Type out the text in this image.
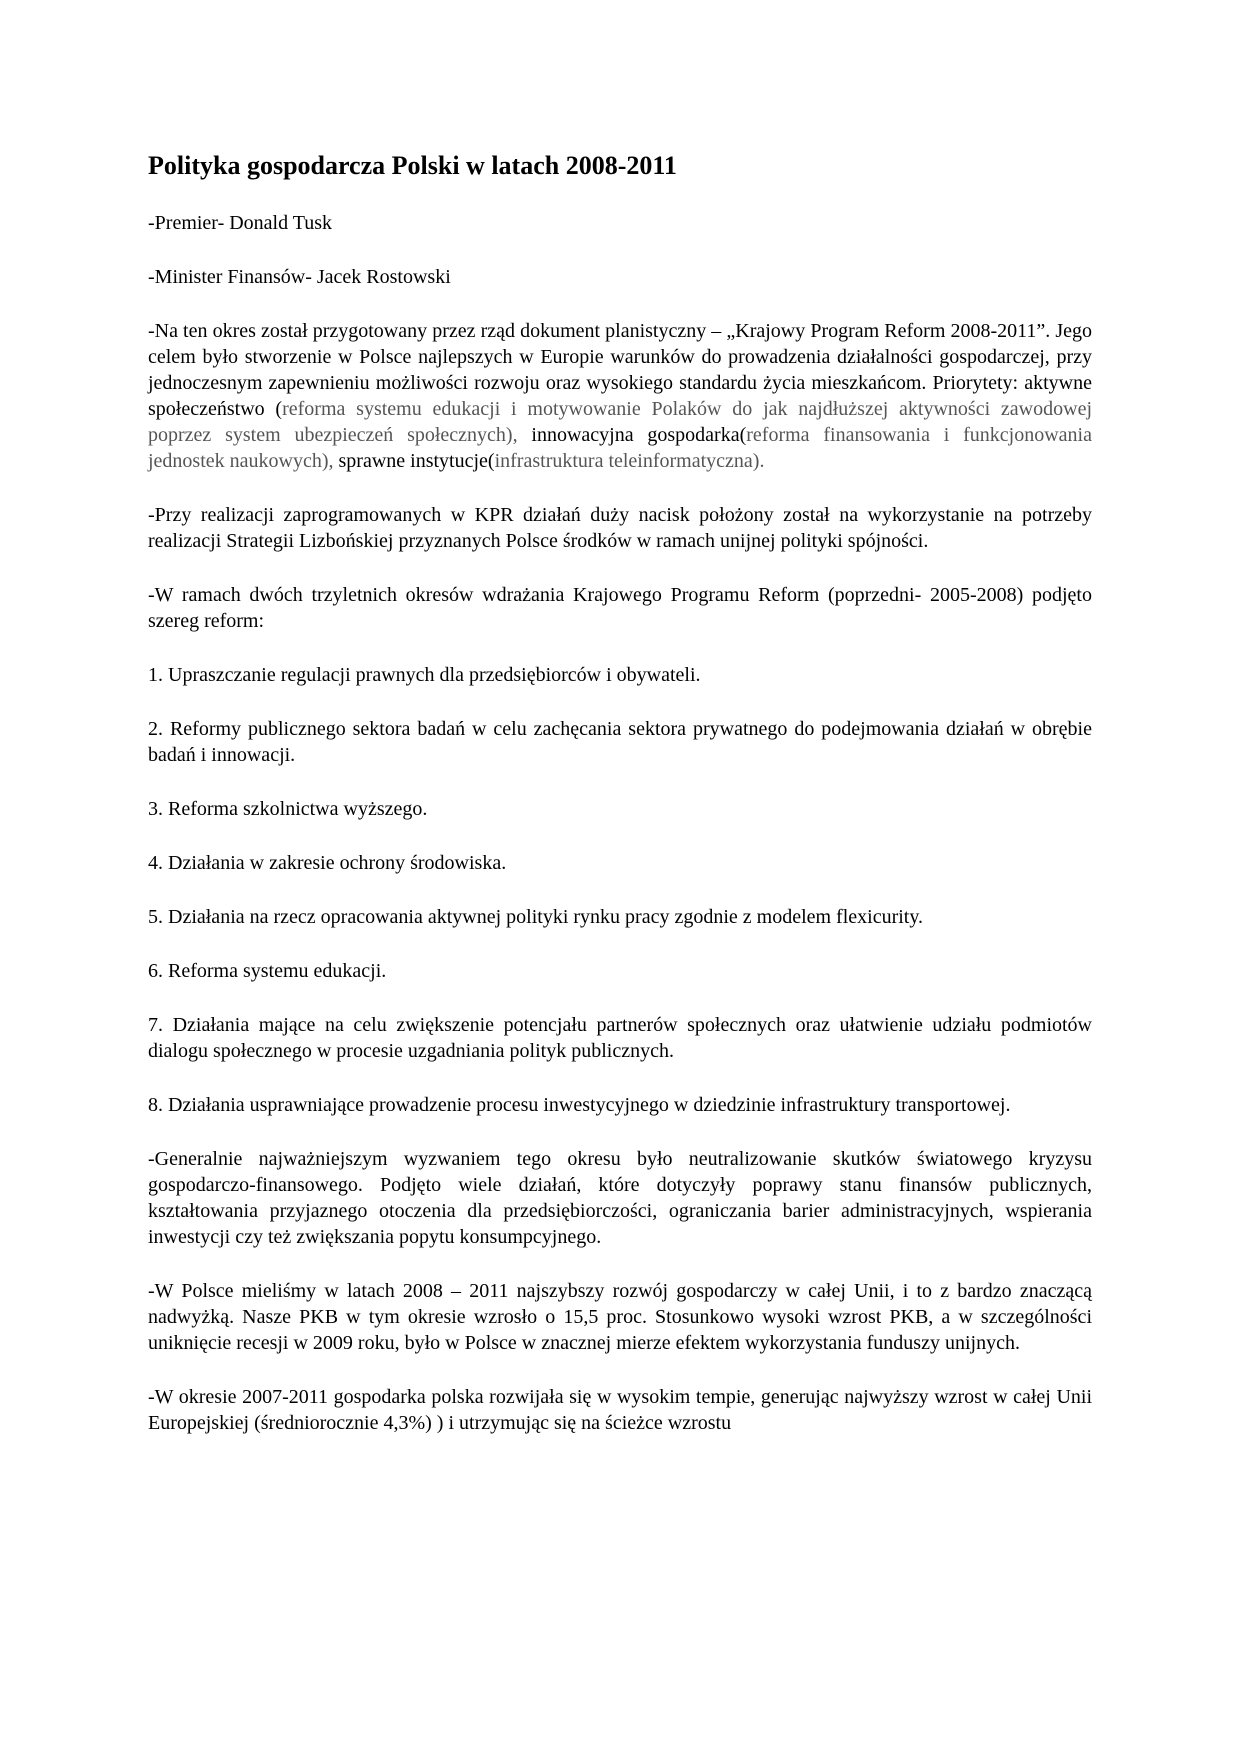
Polityka gospodarcza Polski w latach 2008-2011

-Premier- Donald Tusk

-Minister Finansów- Jacek Rostowski

-Na ten okres został przygotowany przez rząd dokument planistyczny – „Krajowy Program Reform 2008-2011”. Jego celem było stworzenie w Polsce najlepszych w Europie warunków do prowadzenia działalności gospodarczej, przy jednoczesnym zapewnieniu możliwości rozwoju oraz wysokiego standardu życia mieszkańcom. Priorytety: aktywne społeczeństwo (reforma systemu edukacji i motywowanie Polaków do jak najdłuższej aktywności zawodowej poprzez system ubezpieczeń społecznych), innowacyjna gospodarka(reforma finansowania i funkcjonowania jednostek naukowych), sprawne instytucje(infrastruktura teleinformatyczna).

-Przy realizacji zaprogramowanych w KPR działań duży nacisk położony został na wykorzystanie na potrzeby realizacji Strategii Lizbońskiej przyznanych Polsce środków w ramach unijnej polityki spójności.

-W ramach dwóch trzyletnich okresów wdrażania Krajowego Programu Reform (poprzedni- 2005-2008) podjęto szereg reform:

1. Upraszczanie regulacji prawnych dla przedsiębiorców i obywateli.

2. Reformy publicznego sektora badań w celu zachęcania sektora prywatnego do podejmowania działań w obrębie badań i innowacji.

3. Reforma szkolnictwa wyższego.

4. Działania w zakresie ochrony środowiska.

5. Działania na rzecz opracowania aktywnej polityki rynku pracy zgodnie z modelem flexicurity.

6. Reforma systemu edukacji.

7. Działania mające na celu zwiększenie potencjału partnerów społecznych oraz ułatwienie udziału podmiotów dialogu społecznego w procesie uzgadniania polityk publicznych.

8. Działania usprawniające prowadzenie procesu inwestycyjnego w dziedzinie infrastruktury transportowej.

-Generalnie najważniejszym wyzwaniem tego okresu było neutralizowanie skutków światowego kryzysu gospodarczo-finansowego. Podjęto wiele działań, które dotyczyły poprawy stanu finansów publicznych, kształtowania przyjaznego otoczenia dla przedsiębiorczości, ograniczania barier administracyjnych, wspierania inwestycji czy też zwiększania popytu konsumpcyjnego.

-W Polsce mieliśmy w latach 2008 – 2011 najszybszy rozwój gospodarczy w całej Unii, i to z bardzo znaczącą nadwyżką. Nasze PKB w tym okresie wzrosło o 15,5 proc. Stosunkowo wysoki wzrost PKB, a w szczególności uniknięcie recesji w 2009 roku, było w Polsce w znacznej mierze efektem wykorzystania funduszy unijnych.

-W okresie 2007-2011 gospodarka polska rozwijała się w wysokim tempie, generując najwyższy wzrost w całej Unii Europejskiej (średniorocznie 4,3%) ) i utrzymując się na ścieżce wzrostu
